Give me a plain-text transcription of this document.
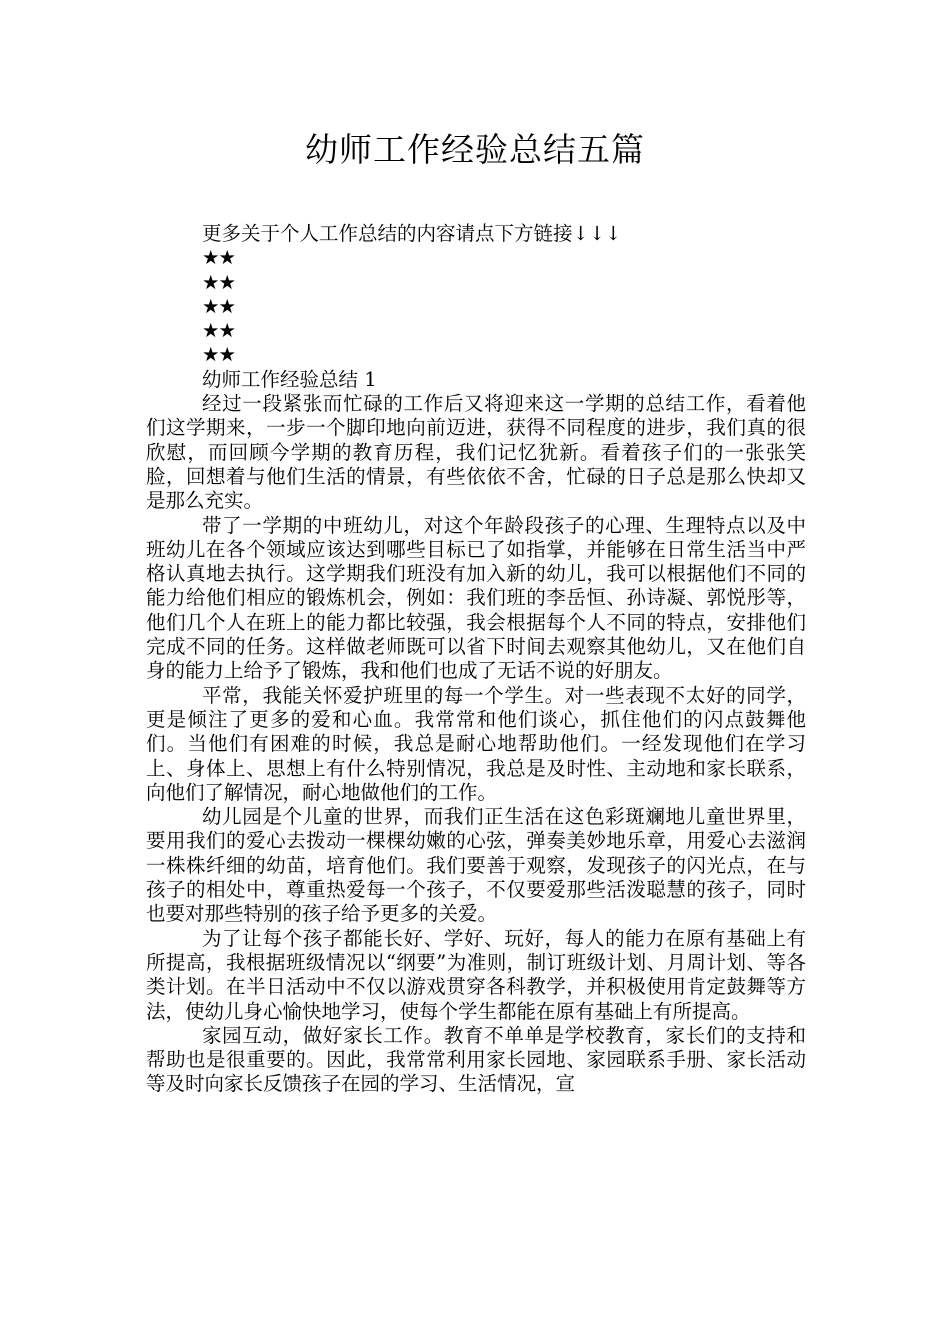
幼师工作经验总结五篇
更多关于个人工作总结的内容请点下方链接↓↓↓
★★
★★
★★
★★
★★
幼师工作经验总结 1

经过一段紧张而忙碌的工作后又将迎来这一学期的总结工作，看着他们这学期来，一步一个脚印地向前迈进，获得不同程度的进步，我们真的很欣慰，而回顾今学期的教育历程，我们记忆犹新。看着孩子们的一张张笑脸，回想着与他们生活的情景，有些依依不舍，忙碌的日子总是那么快却又是那么充实。

带了一学期的中班幼儿，对这个年龄段孩子的心理、生理特点以及中班幼儿在各个领域应该达到哪些目标已了如指掌，并能够在日常生活当中严格认真地去执行。这学期我们班没有加入新的幼儿，我可以根据他们不同的能力给他们相应的锻炼机会，例如：我们班的李岳恒、孙诗凝、郭悦彤等，他们几个人在班上的能力都比较强，我会根据每个人不同的特点，安排他们完成不同的任务。这样做老师既可以省下时间去观察其他幼儿，又在他们自身的能力上给予了锻炼，我和他们也成了无话不说的好朋友。

平常，我能关怀爱护班里的每一个学生。对一些表现不太好的同学，更是倾注了更多的爱和心血。我常常和他们谈心，抓住他们的闪点鼓舞他们。当他们有困难的时候，我总是耐心地帮助他们。一经发现他们在学习上、身体上、思想上有什么特别情况，我总是及时性、主动地和家长联系，向他们了解情况，耐心地做他们的工作。

幼儿园是个儿童的世界，而我们正生活在这色彩斑斓地儿童世界里，要用我们的爱心去拨动一棵棵幼嫩的心弦，弹奏美妙地乐章，用爱心去滋润一株株纤细的幼苗，培育他们。我们要善于观察，发现孩子的闪光点，在与孩子的相处中，尊重热爱每一个孩子，不仅要爱那些活泼聪慧的孩子，同时也要对那些特别的孩子给予更多的关爱。

为了让每个孩子都能长好、学好、玩好，每人的能力在原有基础上有所提高，我根据班级情况以“纲要”为准则，制订班级计划、月周计划、等各类计划。在半日活动中不仅以游戏贯穿各科教学，并积极使用肯定鼓舞等方法，使幼儿身心愉快地学习，使每个学生都能在原有基础上有所提高。

家园互动，做好家长工作。教育不单单是学校教育，家长们的支持和帮助也是很重要的。因此，我常常利用家长园地、家园联系手册、家长活动等及时向家长反馈孩子在园的学习、生活情况，宣
